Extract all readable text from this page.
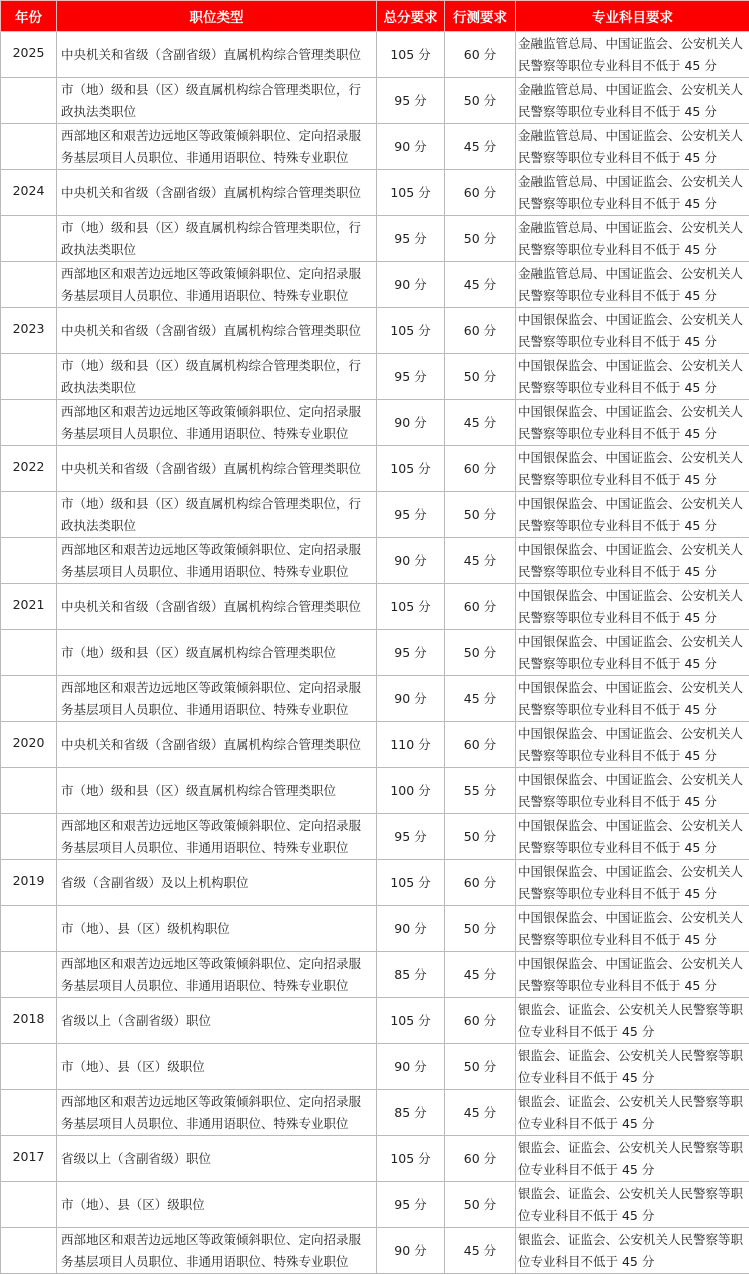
年份	职位类型	总分要求	行测要求	专业科目要求
2025	中央机关和省级（含副省级）直属机构综合管理类职位	105 分	60 分	金融监管总局、中国证监会、公安机关人民警察等职位专业科目不低于 45 分
	市（地）级和县（区）级直属机构综合管理类职位，行政执法类职位	95 分	50 分	金融监管总局、中国证监会、公安机关人民警察等职位专业科目不低于 45 分
	西部地区和艰苦边远地区等政策倾斜职位、定向招录服务基层项目人员职位、非通用语职位、特殊专业职位	90 分	45 分	金融监管总局、中国证监会、公安机关人民警察等职位专业科目不低于 45 分
2024	中央机关和省级（含副省级）直属机构综合管理类职位	105 分	60 分	金融监管总局、中国证监会、公安机关人民警察等职位专业科目不低于 45 分
	市（地）级和县（区）级直属机构综合管理类职位，行政执法类职位	95 分	50 分	金融监管总局、中国证监会、公安机关人民警察等职位专业科目不低于 45 分
	西部地区和艰苦边远地区等政策倾斜职位、定向招录服务基层项目人员职位、非通用语职位、特殊专业职位	90 分	45 分	金融监管总局、中国证监会、公安机关人民警察等职位专业科目不低于 45 分
2023	中央机关和省级（含副省级）直属机构综合管理类职位	105 分	60 分	中国银保监会、中国证监会、公安机关人民警察等职位专业科目不低于 45 分
	市（地）级和县（区）级直属机构综合管理类职位，行政执法类职位	95 分	50 分	中国银保监会、中国证监会、公安机关人民警察等职位专业科目不低于 45 分
	西部地区和艰苦边远地区等政策倾斜职位、定向招录服务基层项目人员职位、非通用语职位、特殊专业职位	90 分	45 分	中国银保监会、中国证监会、公安机关人民警察等职位专业科目不低于 45 分
2022	中央机关和省级（含副省级）直属机构综合管理类职位	105 分	60 分	中国银保监会、中国证监会、公安机关人民警察等职位专业科目不低于 45 分
	市（地）级和县（区）级直属机构综合管理类职位，行政执法类职位	95 分	50 分	中国银保监会、中国证监会、公安机关人民警察等职位专业科目不低于 45 分
	西部地区和艰苦边远地区等政策倾斜职位、定向招录服务基层项目人员职位、非通用语职位、特殊专业职位	90 分	45 分	中国银保监会、中国证监会、公安机关人民警察等职位专业科目不低于 45 分
2021	中央机关和省级（含副省级）直属机构综合管理类职位	105 分	60 分	中国银保监会、中国证监会、公安机关人民警察等职位专业科目不低于 45 分
	市（地）级和县（区）级直属机构综合管理类职位	95 分	50 分	中国银保监会、中国证监会、公安机关人民警察等职位专业科目不低于 45 分
	西部地区和艰苦边远地区等政策倾斜职位、定向招录服务基层项目人员职位、非通用语职位、特殊专业职位	90 分	45 分	中国银保监会、中国证监会、公安机关人民警察等职位专业科目不低于 45 分
2020	中央机关和省级（含副省级）直属机构综合管理类职位	110 分	60 分	中国银保监会、中国证监会、公安机关人民警察等职位专业科目不低于 45 分
	市（地）级和县（区）级直属机构综合管理类职位	100 分	55 分	中国银保监会、中国证监会、公安机关人民警察等职位专业科目不低于 45 分
	西部地区和艰苦边远地区等政策倾斜职位、定向招录服务基层项目人员职位、非通用语职位、特殊专业职位	95 分	50 分	中国银保监会、中国证监会、公安机关人民警察等职位专业科目不低于 45 分
2019	省级（含副省级）及以上机构职位	105 分	60 分	中国银保监会、中国证监会、公安机关人民警察等职位专业科目不低于 45 分
	市（地）、县（区）级机构职位	90 分	50 分	中国银保监会、中国证监会、公安机关人民警察等职位专业科目不低于 45 分
	西部地区和艰苦边远地区等政策倾斜职位、定向招录服务基层项目人员职位、非通用语职位、特殊专业职位	85 分	45 分	中国银保监会、中国证监会、公安机关人民警察等职位专业科目不低于 45 分
2018	省级以上（含副省级）职位	105 分	60 分	银监会、证监会、公安机关人民警察等职位专业科目不低于 45 分
	市（地）、县（区）级职位	90 分	50 分	银监会、证监会、公安机关人民警察等职位专业科目不低于 45 分
	西部地区和艰苦边远地区等政策倾斜职位、定向招录服务基层项目人员职位、非通用语职位、特殊专业职位	85 分	45 分	银监会、证监会、公安机关人民警察等职位专业科目不低于 45 分
2017	省级以上（含副省级）职位	105 分	60 分	银监会、证监会、公安机关人民警察等职位专业科目不低于 45 分
	市（地）、县（区）级职位	95 分	50 分	银监会、证监会、公安机关人民警察等职位专业科目不低于 45 分
	西部地区和艰苦边远地区等政策倾斜职位、定向招录服务基层项目人员职位、非通用语职位、特殊专业职位	90 分	45 分	银监会、证监会、公安机关人民警察等职位专业科目不低于 45 分
